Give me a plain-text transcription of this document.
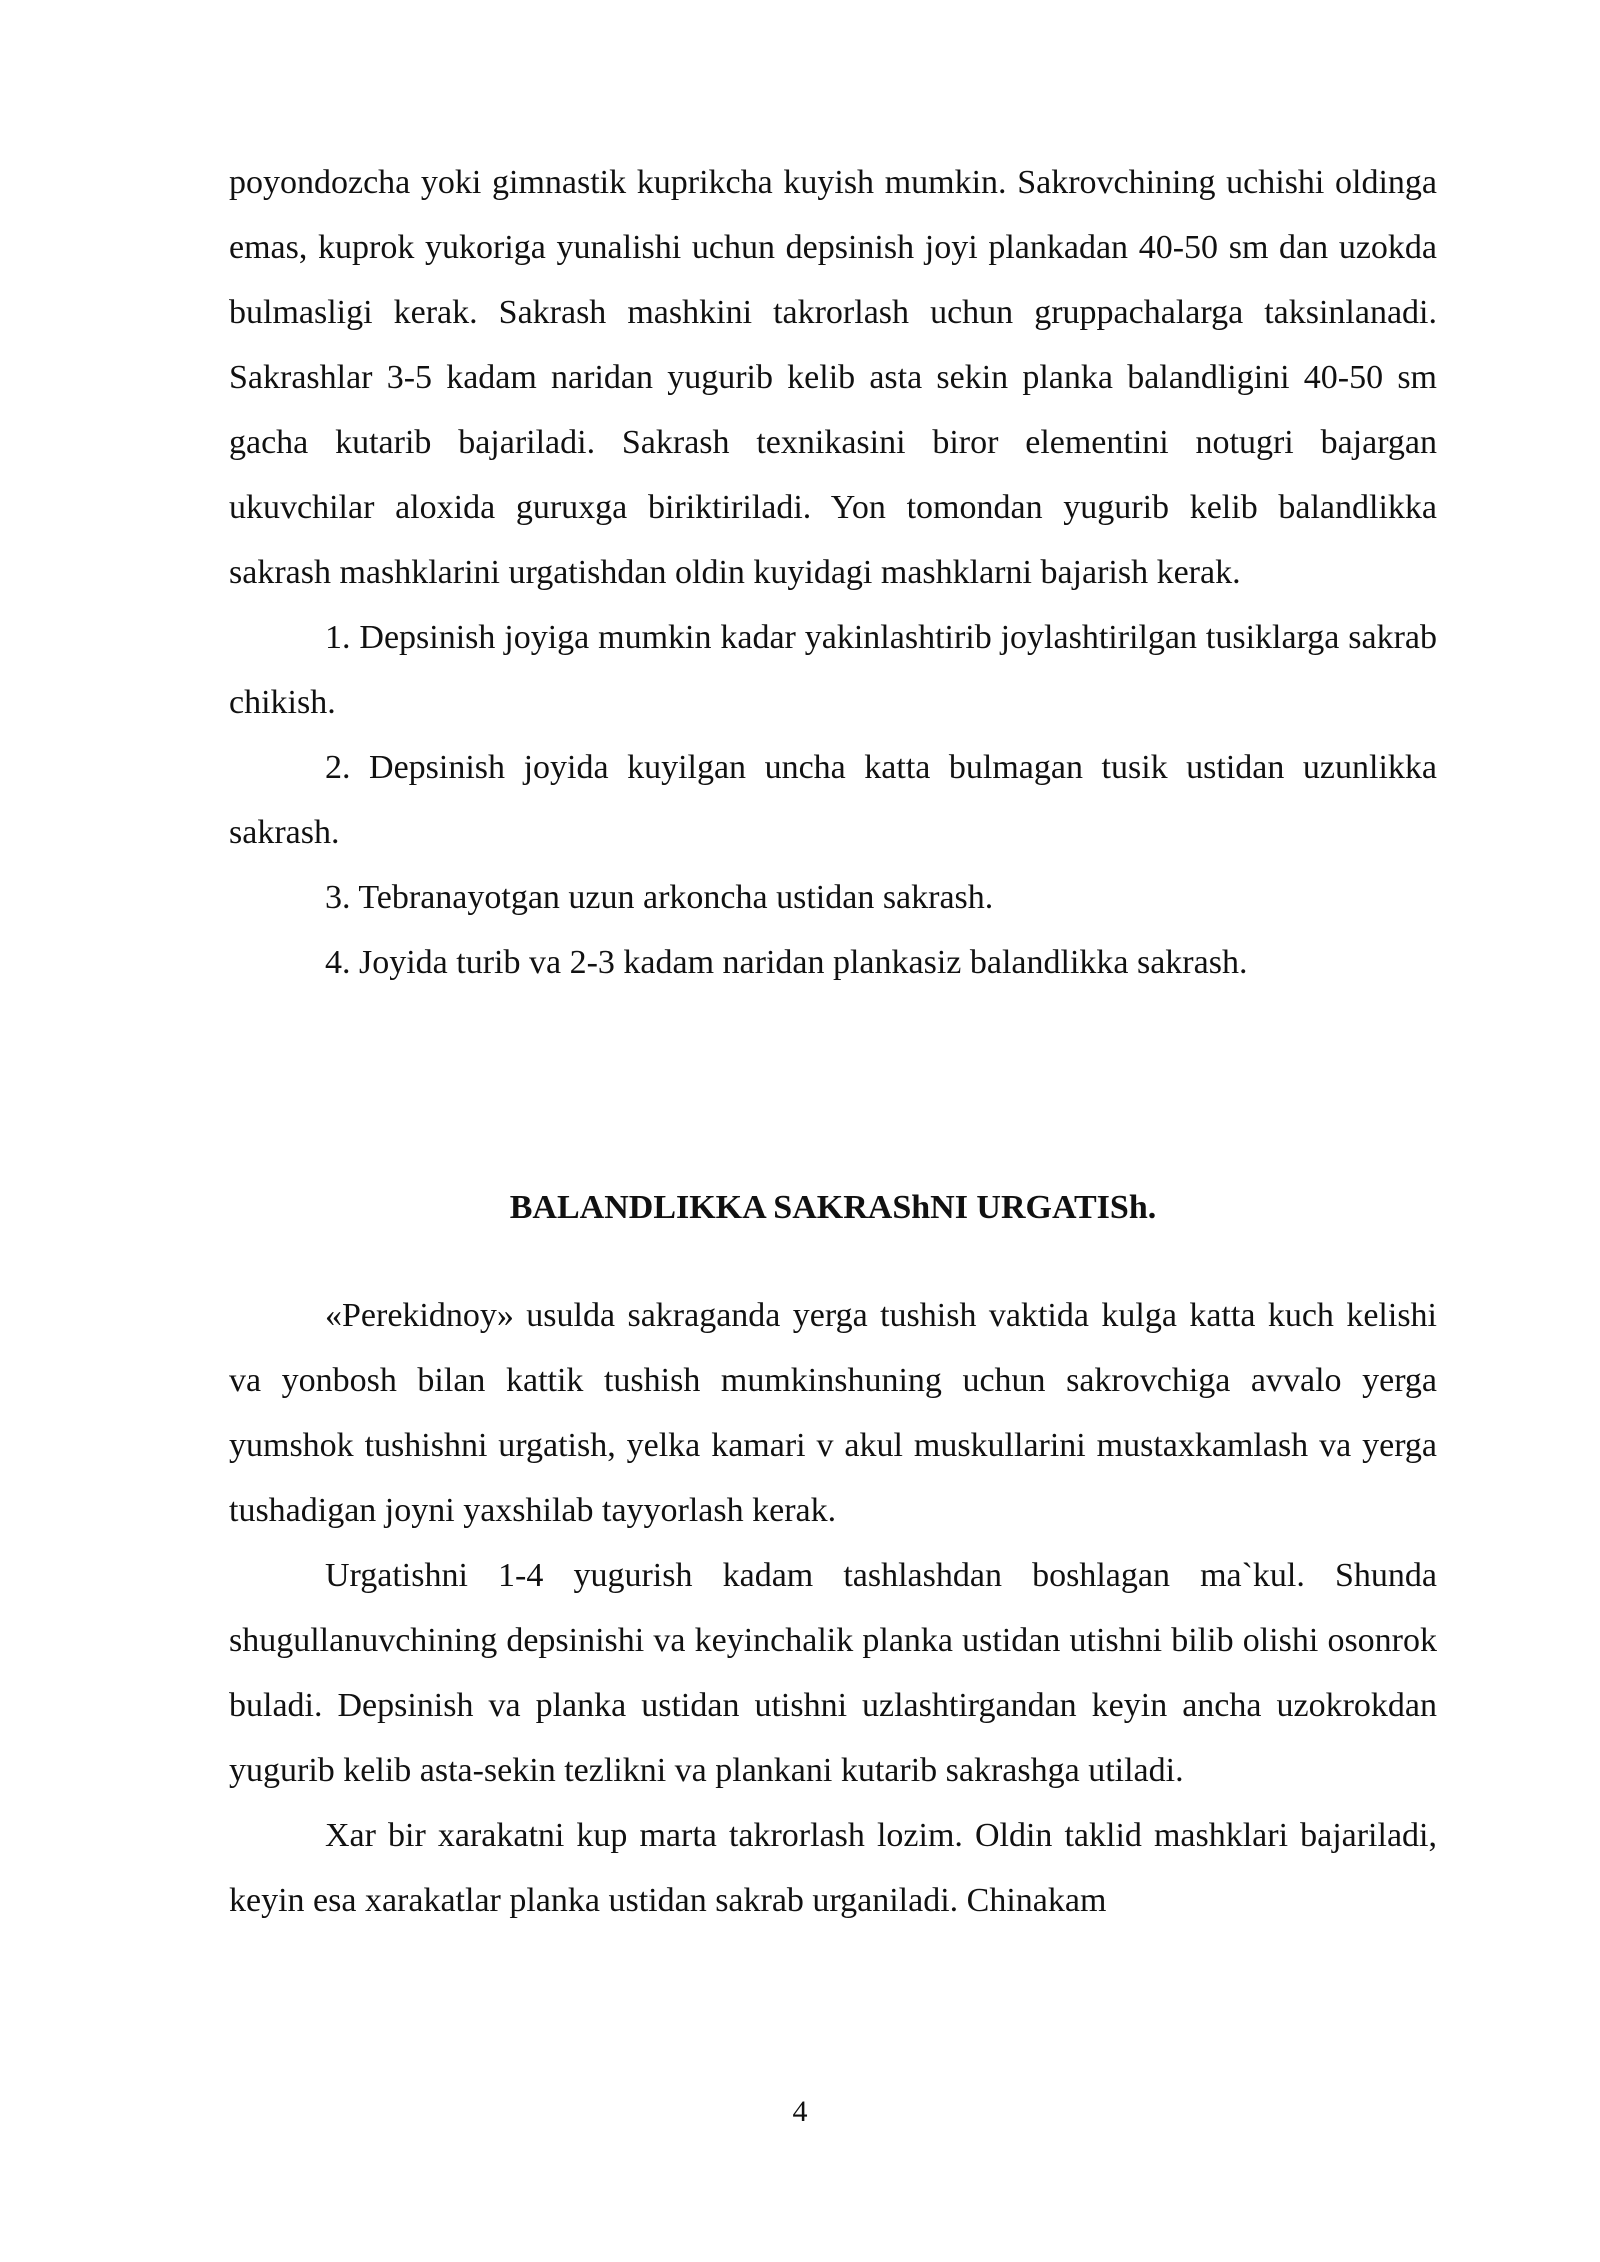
poyondozcha yoki gimnastik kuprikcha kuyish mumkin. Sakrovchining uchishi oldinga emas, kuprok yukoriga yunalishi uchun depsinish joyi plankadan 40-50 sm dan uzokda bulmasligi kerak. Sakrash mashkini takrorlash uchun gruppachalarga taksinlanadi. Sakrashlar 3-5 kadam naridan yugurib kelib asta sekin planka balandligini 40-50 sm gacha kutarib bajariladi. Sakrash texnikasini biror elementini notugri bajargan ukuvchilar aloxida guruxga biriktiriladi. Yon tomondan yugurib kelib balandlikka sakrash mashklarini urgatishdan oldin kuyidagi mashklarni bajarish kerak.

1. Depsinish joyiga mumkin kadar yakinlashtirib joylashtirilgan tusiklarga sakrab chikish.

2. Depsinish joyida kuyilgan uncha katta bulmagan tusik ustidan uzunlikka sakrash.

3. Tebranayotgan uzun arkoncha ustidan sakrash.

4. Joyida turib va 2-3 kadam naridan plankasiz balandlikka sakrash.

BALANDLIKKA SAKRAShNI URGATISh.

«Perekidnoy» usulda sakraganda yerga tushish vaktida kulga katta kuch kelishi va yonbosh bilan kattik tushish mumkinshuning uchun sakrovchiga avvalo yerga yumshok tushishni urgatish, yelka kamari v akul muskullarini mustaxkamlash va yerga tushadigan joyni yaxshilab tayyorlash kerak.

Urgatishni 1-4 yugurish kadam tashlashdan boshlagan ma`kul. Shunda shugullanuvchining depsinishi va keyinchalik planka ustidan utishni bilib olishi osonrok buladi. Depsinish va planka ustidan utishni uzlashtirgandan keyin ancha uzokrokdan yugurib kelib asta-sekin tezlikni va plankani kutarib sakrashga utiladi.

Xar bir xarakatni kup marta takrorlash lozim. Oldin taklid mashklari bajariladi, keyin esa xarakatlar planka ustidan sakrab urganiladi. Chinakam

4
